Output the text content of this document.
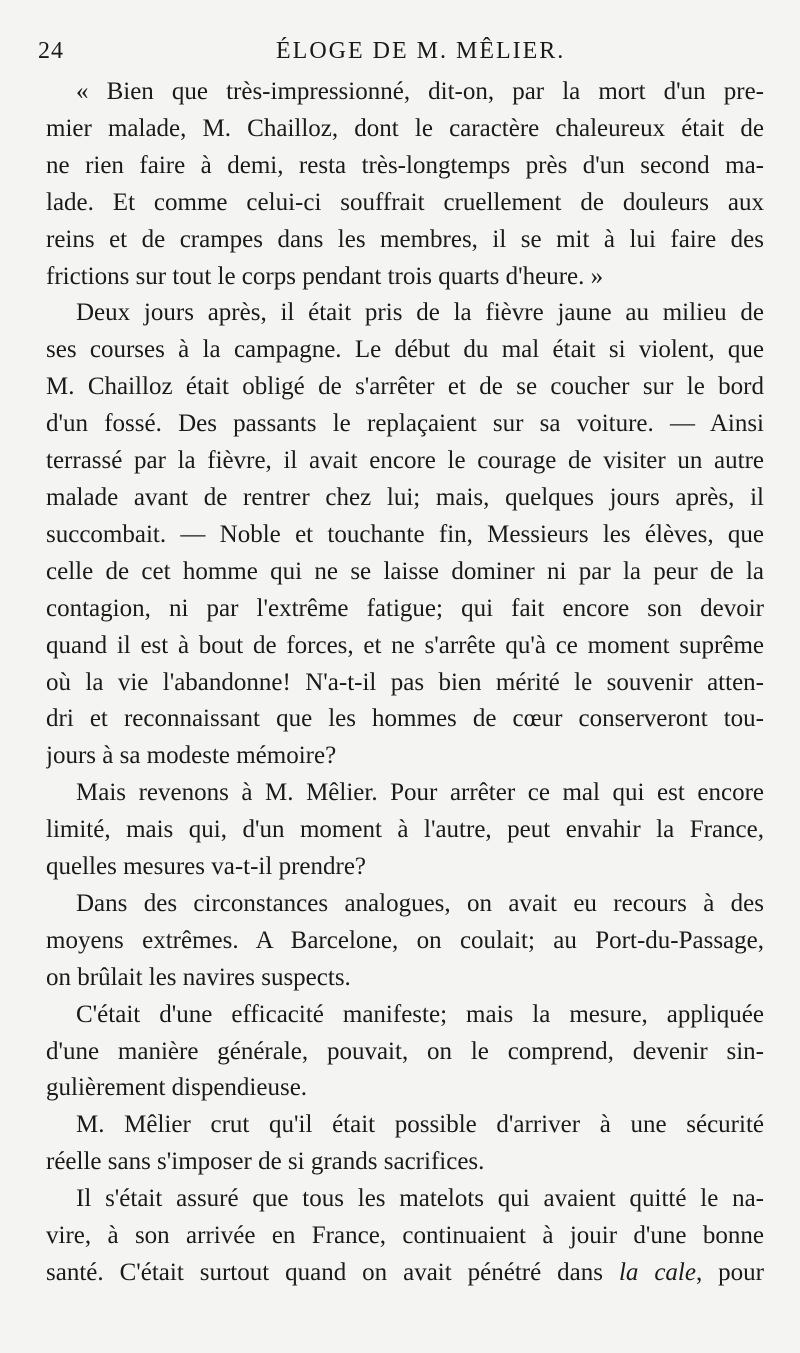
24	ÉLOGE DE M. MÊLIER.
« Bien que très-impressionné, dit-on, par la mort d'un pre-
mier malade, M. Chailloz, dont le caractère chaleureux était de
ne rien faire à demi, resta très-longtemps près d'un second ma-
lade. Et comme celui-ci souffrait cruellement de douleurs aux
reins et de crampes dans les membres, il se mit à lui faire des
frictions sur tout le corps pendant trois quarts d'heure. »
Deux jours après, il était pris de la fièvre jaune au milieu de
ses courses à la campagne. Le début du mal était si violent, que
M. Chailloz était obligé de s'arrêter et de se coucher sur le bord
d'un fossé. Des passants le replaçaient sur sa voiture. — Ainsi
terrassé par la fièvre, il avait encore le courage de visiter un autre
malade avant de rentrer chez lui; mais, quelques jours après, il
succombait. — Noble et touchante fin, Messieurs les élèves, que
celle de cet homme qui ne se laisse dominer ni par la peur de la
contagion, ni par l'extrême fatigue; qui fait encore son devoir
quand il est à bout de forces, et ne s'arrête qu'à ce moment suprême
où la vie l'abandonne! N'a-t-il pas bien mérité le souvenir atten-
dri et reconnaissant que les hommes de cœur conserveront tou-
jours à sa modeste mémoire?
Mais revenons à M. Mêlier. Pour arrêter ce mal qui est encore
limité, mais qui, d'un moment à l'autre, peut envahir la France,
quelles mesures va-t-il prendre?
Dans des circonstances analogues, on avait eu recours à des
moyens extrêmes. A Barcelone, on coulait; au Port-du-Passage,
on brûlait les navires suspects.
C'était d'une efficacité manifeste; mais la mesure, appliquée
d'une manière générale, pouvait, on le comprend, devenir sin-
gulièrement dispendieuse.
M. Mêlier crut qu'il était possible d'arriver à une sécurité
réelle sans s'imposer de si grands sacrifices.
Il s'était assuré que tous les matelots qui avaient quitté le na-
vire, à son arrivée en France, continuaient à jouir d'une bonne
santé. C'était surtout quand on avait pénétré dans la cale, pour
